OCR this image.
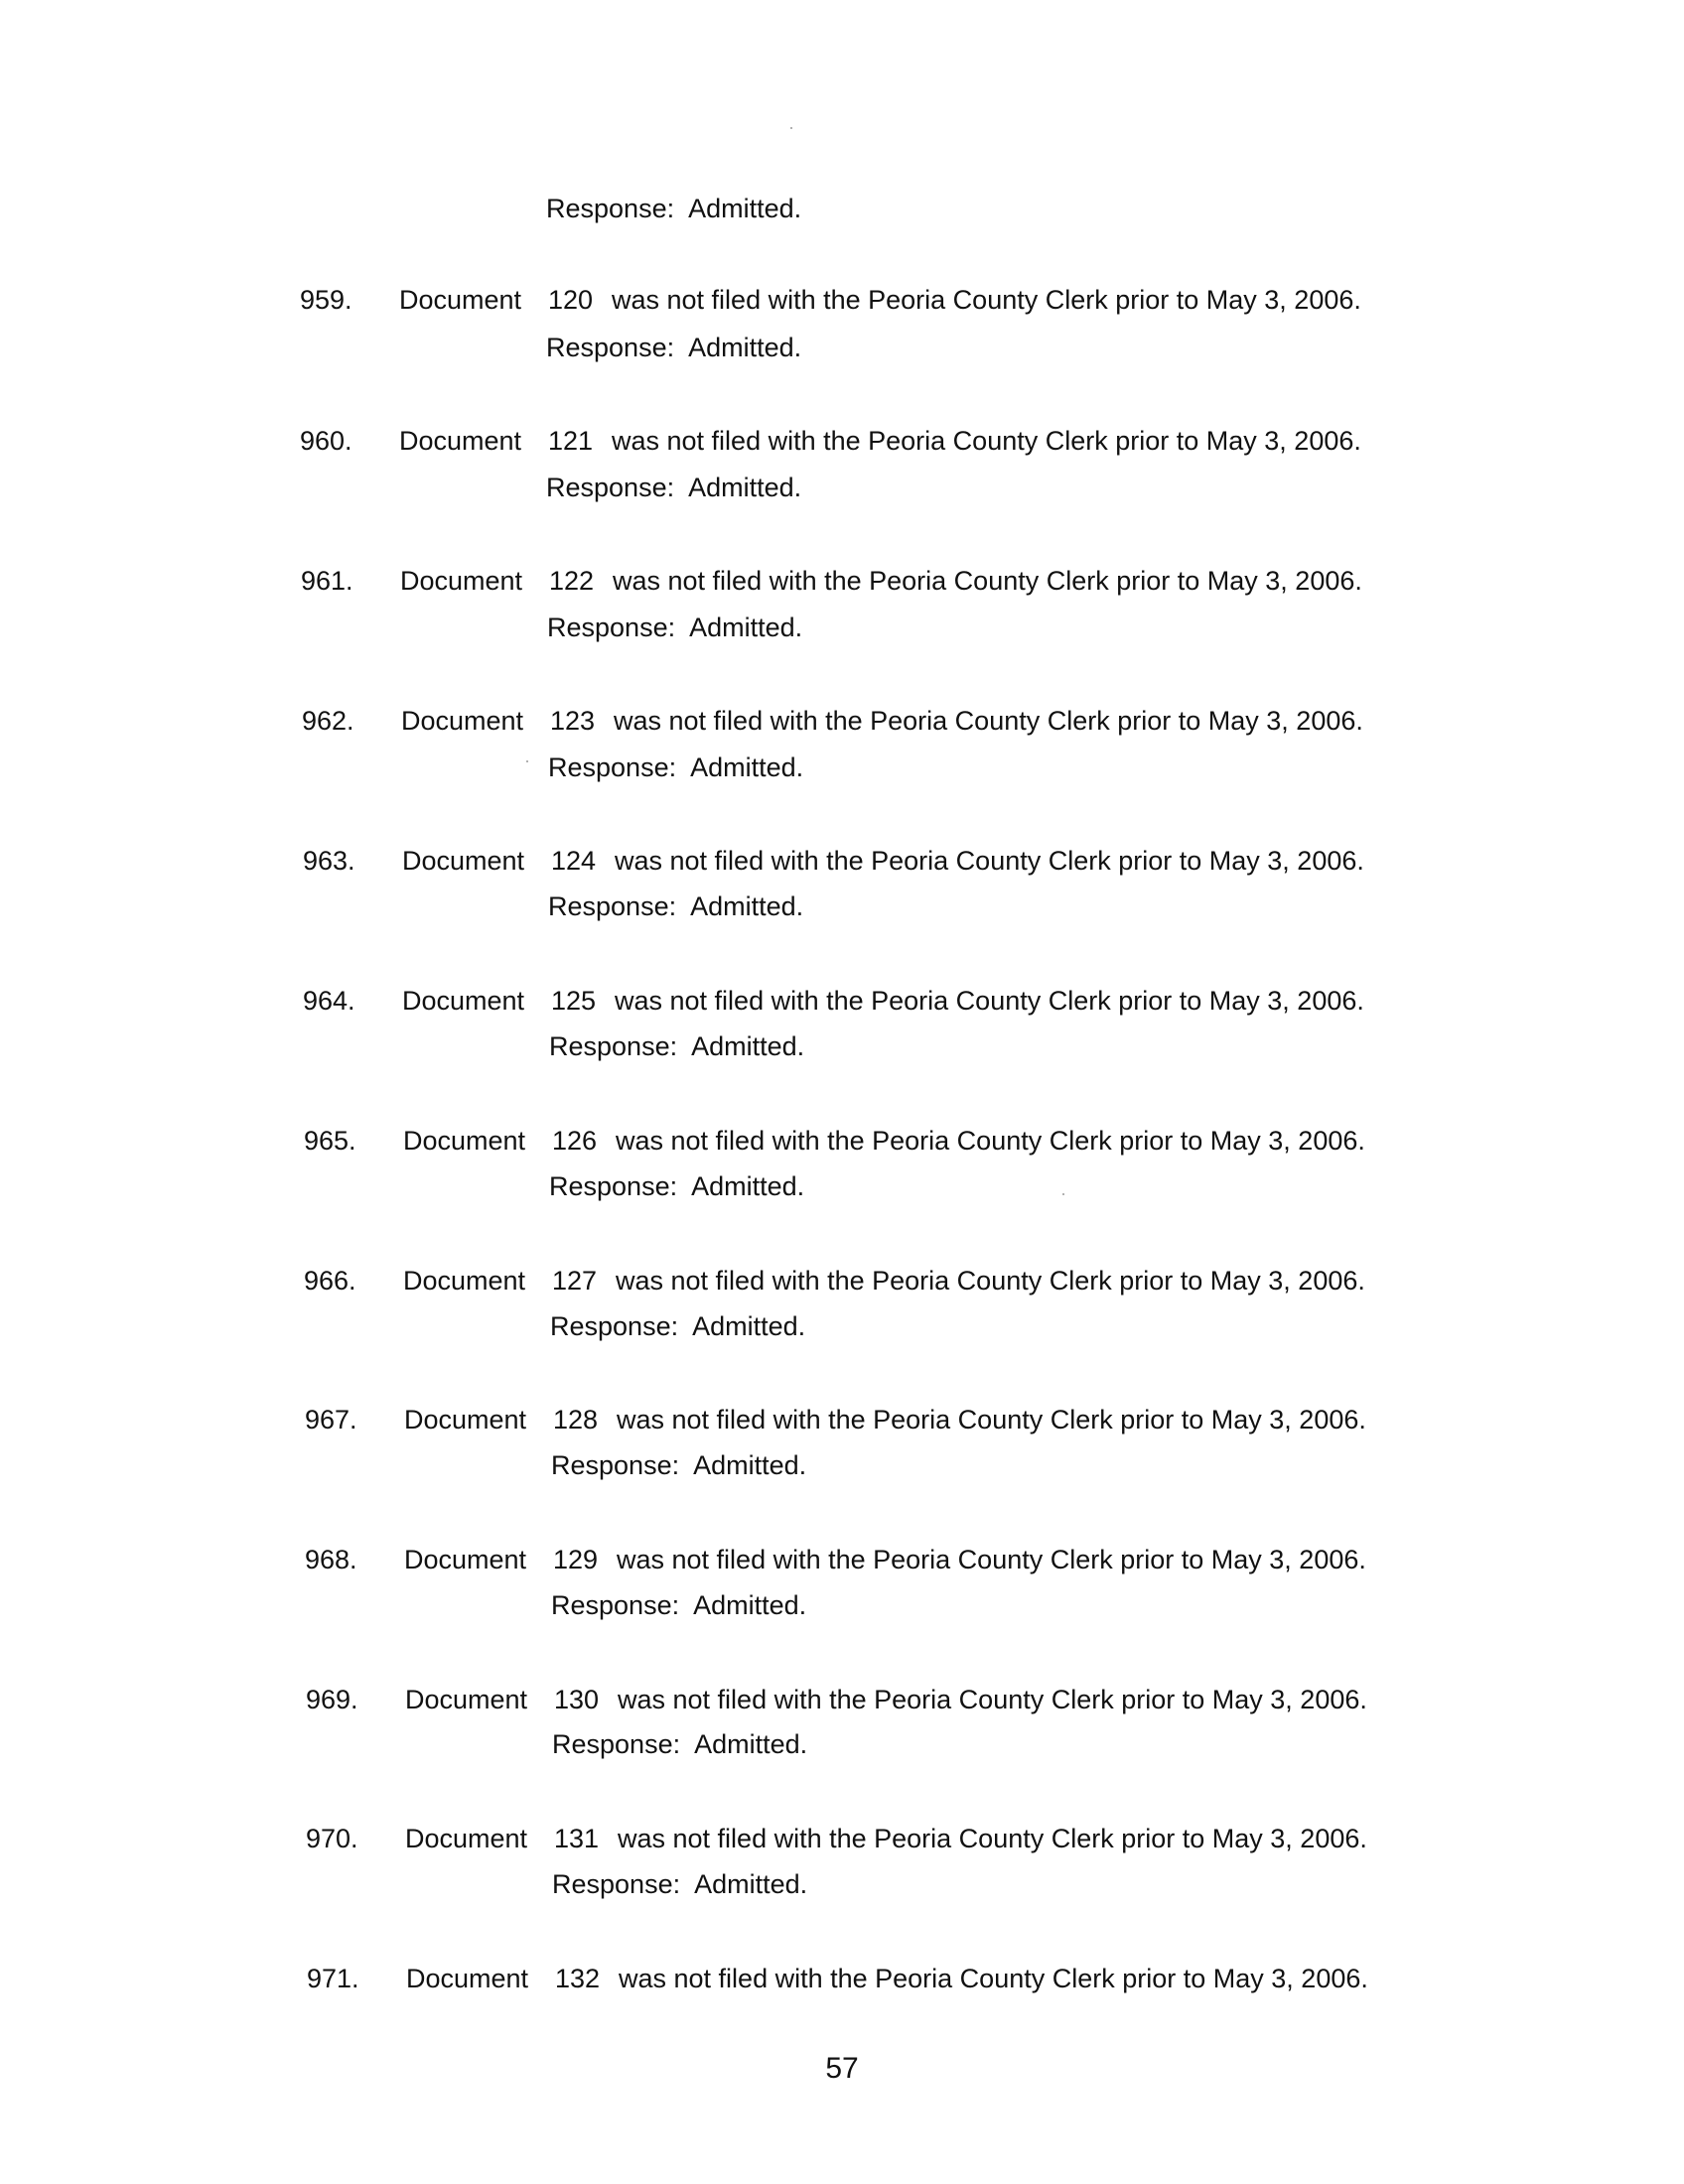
Response: Admitted.
959. Document 120 was not filed with the Peoria County Clerk prior to May 3, 2006.
Response: Admitted.
960. Document 121 was not filed with the Peoria County Clerk prior to May 3, 2006.
Response: Admitted.
961. Document 122 was not filed with the Peoria County Clerk prior to May 3, 2006.
Response: Admitted.
962. Document 123 was not filed with the Peoria County Clerk prior to May 3, 2006.
Response: Admitted.
963. Document 124 was not filed with the Peoria County Clerk prior to May 3, 2006.
Response: Admitted.
964. Document 125 was not filed with the Peoria County Clerk prior to May 3, 2006.
Response: Admitted.
965. Document 126 was not filed with the Peoria County Clerk prior to May 3, 2006.
Response: Admitted.
966. Document 127 was not filed with the Peoria County Clerk prior to May 3, 2006.
Response: Admitted.
967. Document 128 was not filed with the Peoria County Clerk prior to May 3, 2006.
Response: Admitted.
968. Document 129 was not filed with the Peoria County Clerk prior to May 3, 2006.
Response: Admitted.
969. Document 130 was not filed with the Peoria County Clerk prior to May 3, 2006.
Response: Admitted.
970. Document 131 was not filed with the Peoria County Clerk prior to May 3, 2006.
Response: Admitted.
971. Document 132 was not filed with the Peoria County Clerk prior to May 3, 2006.
57
